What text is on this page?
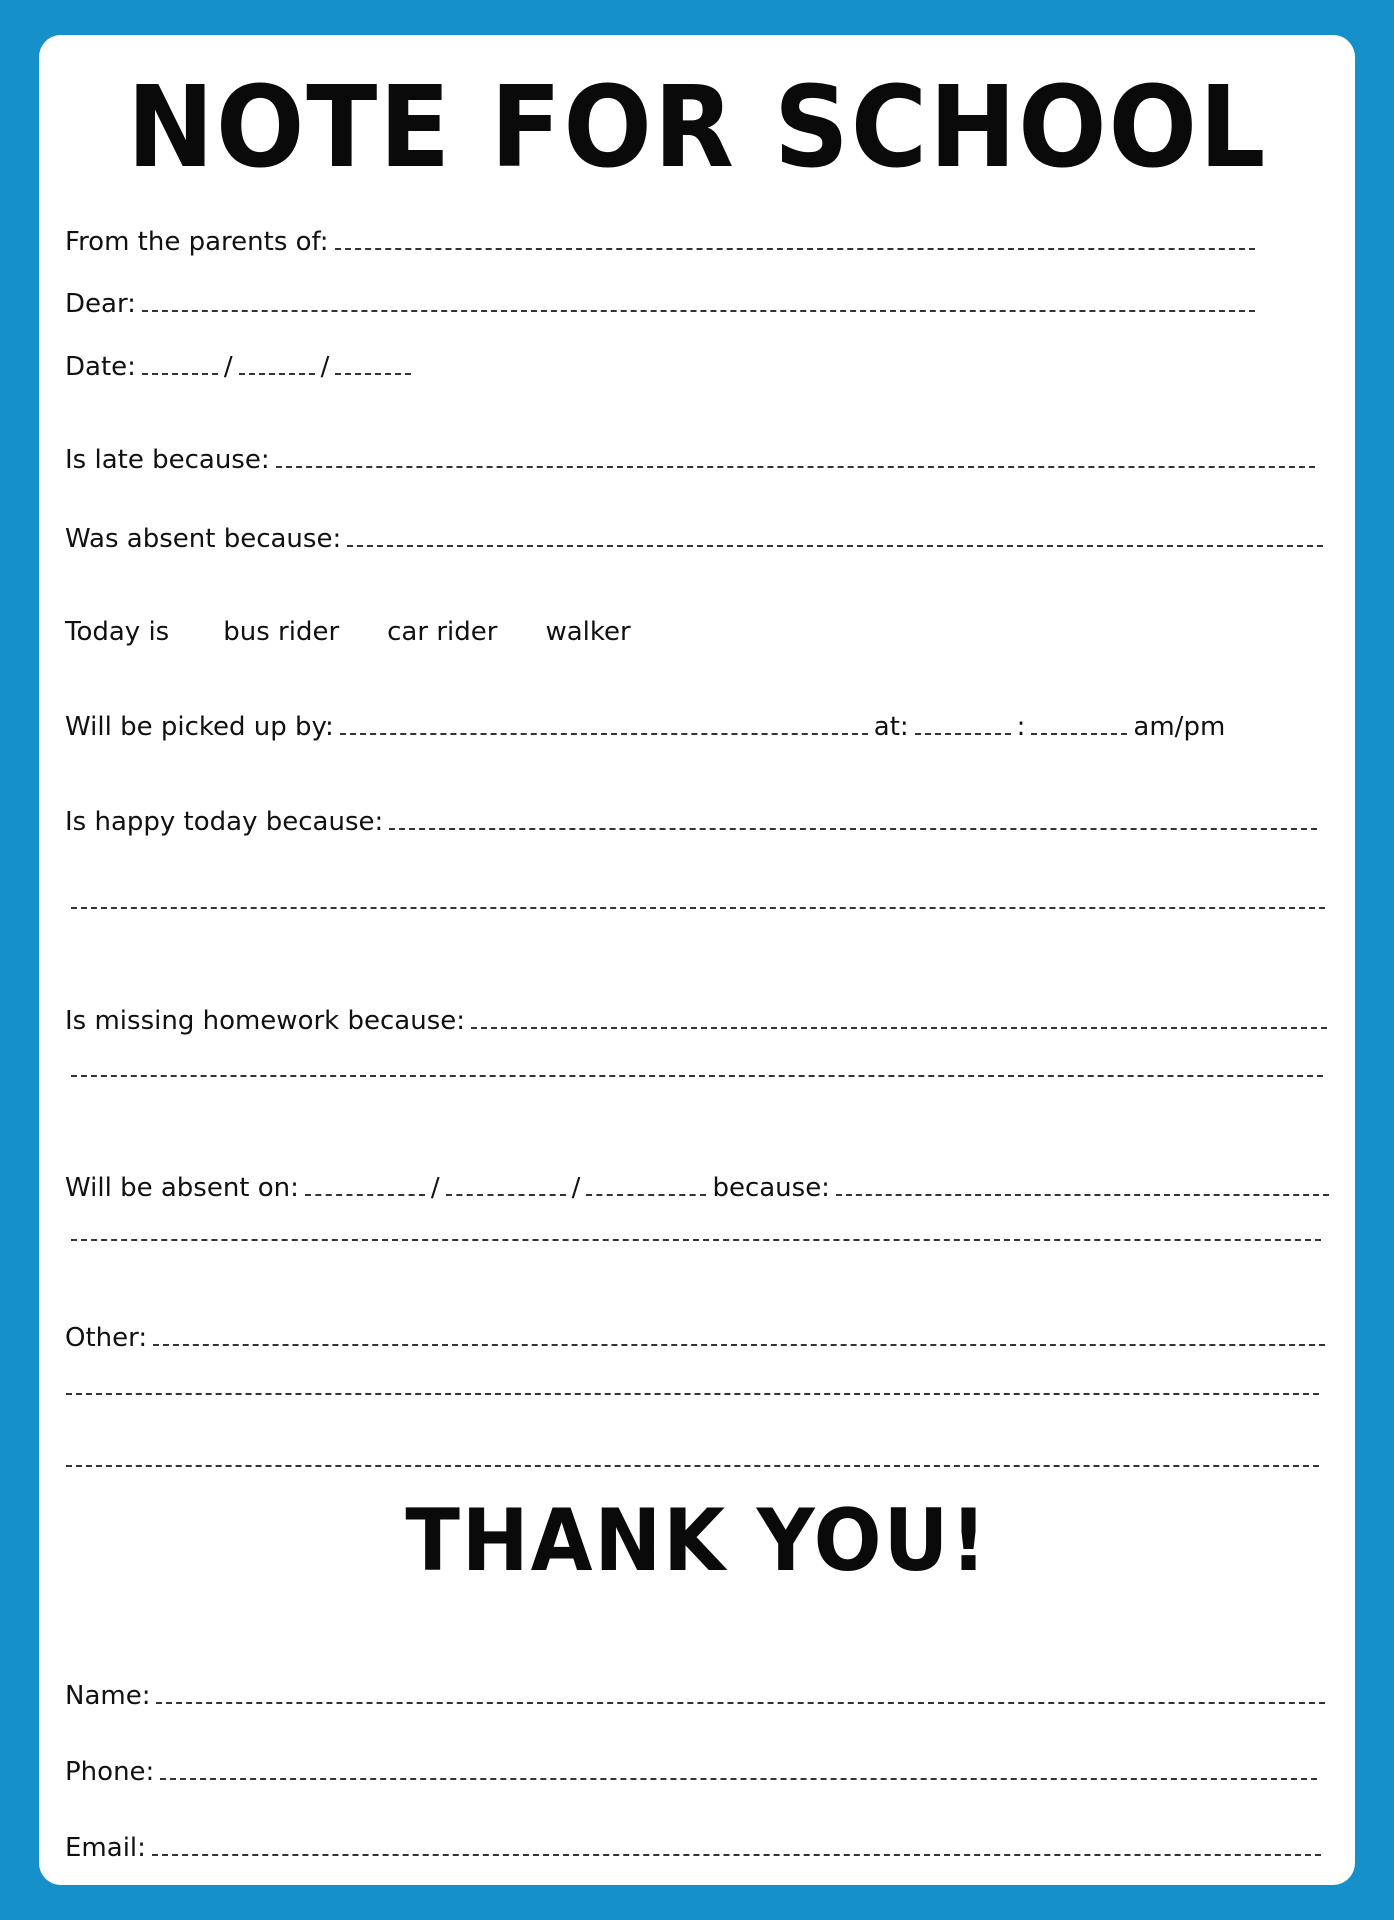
NOTE FOR SCHOOL
From the parents of:
Dear:
Date:	/	/
Is late because:
Was absent because:
Today is	bus rider	car rider	walker
Will be picked up by:	at:	:	am/pm
Is happy today because:
Is missing homework because:
Will be absent on:	/	/	because:
Other:
THANK YOU!
Name:
Phone:
Email:
